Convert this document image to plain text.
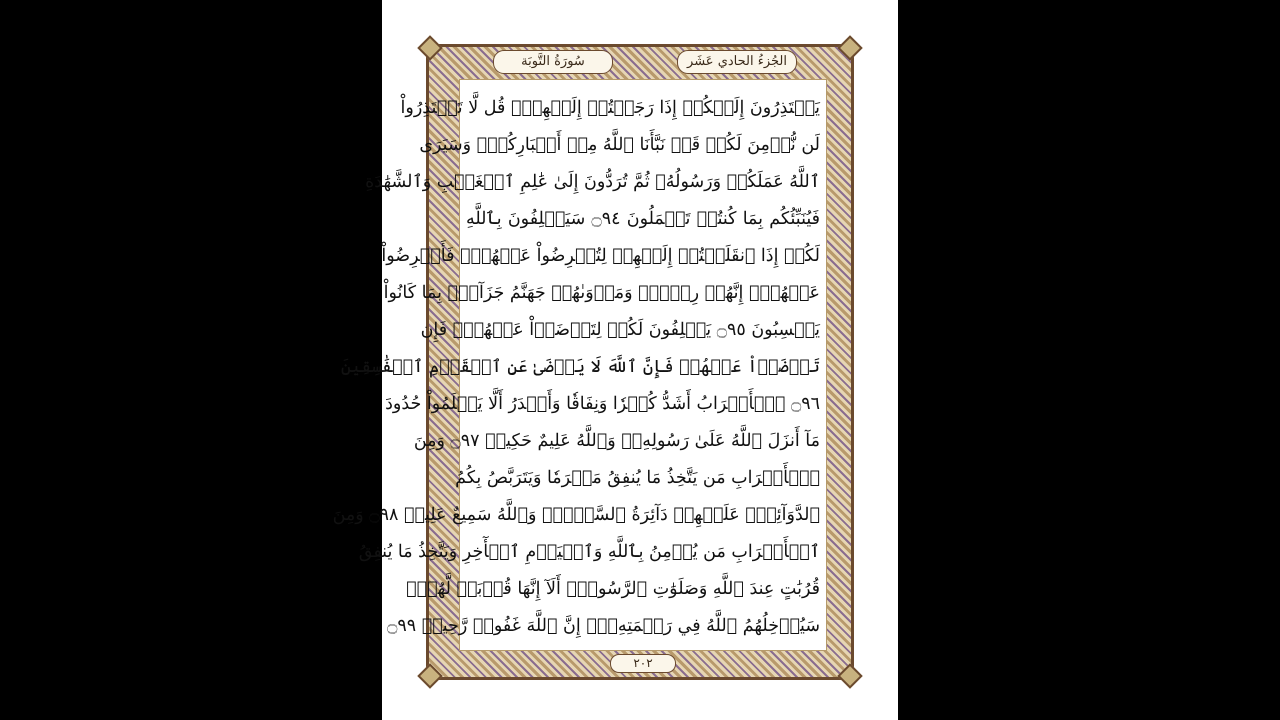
الجُزءُ الحادي عَشَر
سُورَةُ التَّوبَة
يَعۡتَذِرُونَ إِلَيۡكُمۡ إِذَا رَجَعۡتُمۡ إِلَيۡهِمۡۚ قُل لَّا تَعۡتَذِرُواْ
لَن نُّؤۡمِنَ لَكُمۡ قَدۡ نَبَّأَنَا ٱللَّهُ مِنۡ أَخۡبَارِكُمۡۚ وَسَيَرَى
ٱللَّهُ عَمَلَكُمۡ وَرَسُولُهُۥ ثُمَّ تُرَدُّونَ إِلَىٰ عَٰلِمِ ٱلۡغَيۡبِ وَٱلشَّهَٰدَةِ
فَيُنَبِّئُكُم بِمَا كُنتُمۡ تَعۡمَلُونَ ۝٩٤ سَيَحۡلِفُونَ بِٱللَّهِ
لَكُمۡ إِذَا ٱنقَلَبۡتُمۡ إِلَيۡهِمۡ لِتُعۡرِضُواْ عَنۡهُمۡۖ فَأَعۡرِضُواْ
عَنۡهُمۡۖ إِنَّهُمۡ رِجۡسٞۖ وَمَأۡوَىٰهُمۡ جَهَنَّمُ جَزَآءَۢ بِمَا كَانُواْ
يَكۡسِبُونَ ۝٩٥ يَحۡلِفُونَ لَكُمۡ لِتَرۡضَوۡاْ عَنۡهُمۡۖ فَإِن
تَرۡضَوۡاْ عَنۡهُمۡ فَإِنَّ ٱللَّهَ لَا يَرۡضَىٰ عَنِ ٱلۡقَوۡمِ ٱلۡفَٰسِقِينَ
۝٩٦ ٱلۡأَعۡرَابُ أَشَدُّ كُفۡرٗا وَنِفَاقٗا وَأَجۡدَرُ أَلَّا يَعۡلَمُواْ حُدُودَ
مَآ أَنزَلَ ٱللَّهُ عَلَىٰ رَسُولِهِۦۗ وَٱللَّهُ عَلِيمٌ حَكِيمٞ ۝٩٧ وَمِنَ
ٱلۡأَعۡرَابِ مَن يَتَّخِذُ مَا يُنفِقُ مَغۡرَمٗا وَيَتَرَبَّصُ بِكُمُ
ٱلدَّوَآئِرَۚ عَلَيۡهِمۡ دَآئِرَةُ ٱلسَّوۡءِۗ وَٱللَّهُ سَمِيعٌ عَلِيمٞ ۝٩٨ وَمِنَ
ٱلۡأَعۡرَابِ مَن يُؤۡمِنُ بِٱللَّهِ وَٱلۡيَوۡمِ ٱلۡأٓخِرِ وَيَتَّخِذُ مَا يُنفِقُ
قُرُبَٰتٍ عِندَ ٱللَّهِ وَصَلَوَٰتِ ٱلرَّسُولِۚ أَلَآ إِنَّهَا قُرۡبَةٞ لَّهُمۡۚ
سَيُدۡخِلُهُمُ ٱللَّهُ فِي رَحۡمَتِهِۦٓۚ إِنَّ ٱللَّهَ غَفُورٞ رَّحِيمٞ ۝٩٩
٢٠٢
